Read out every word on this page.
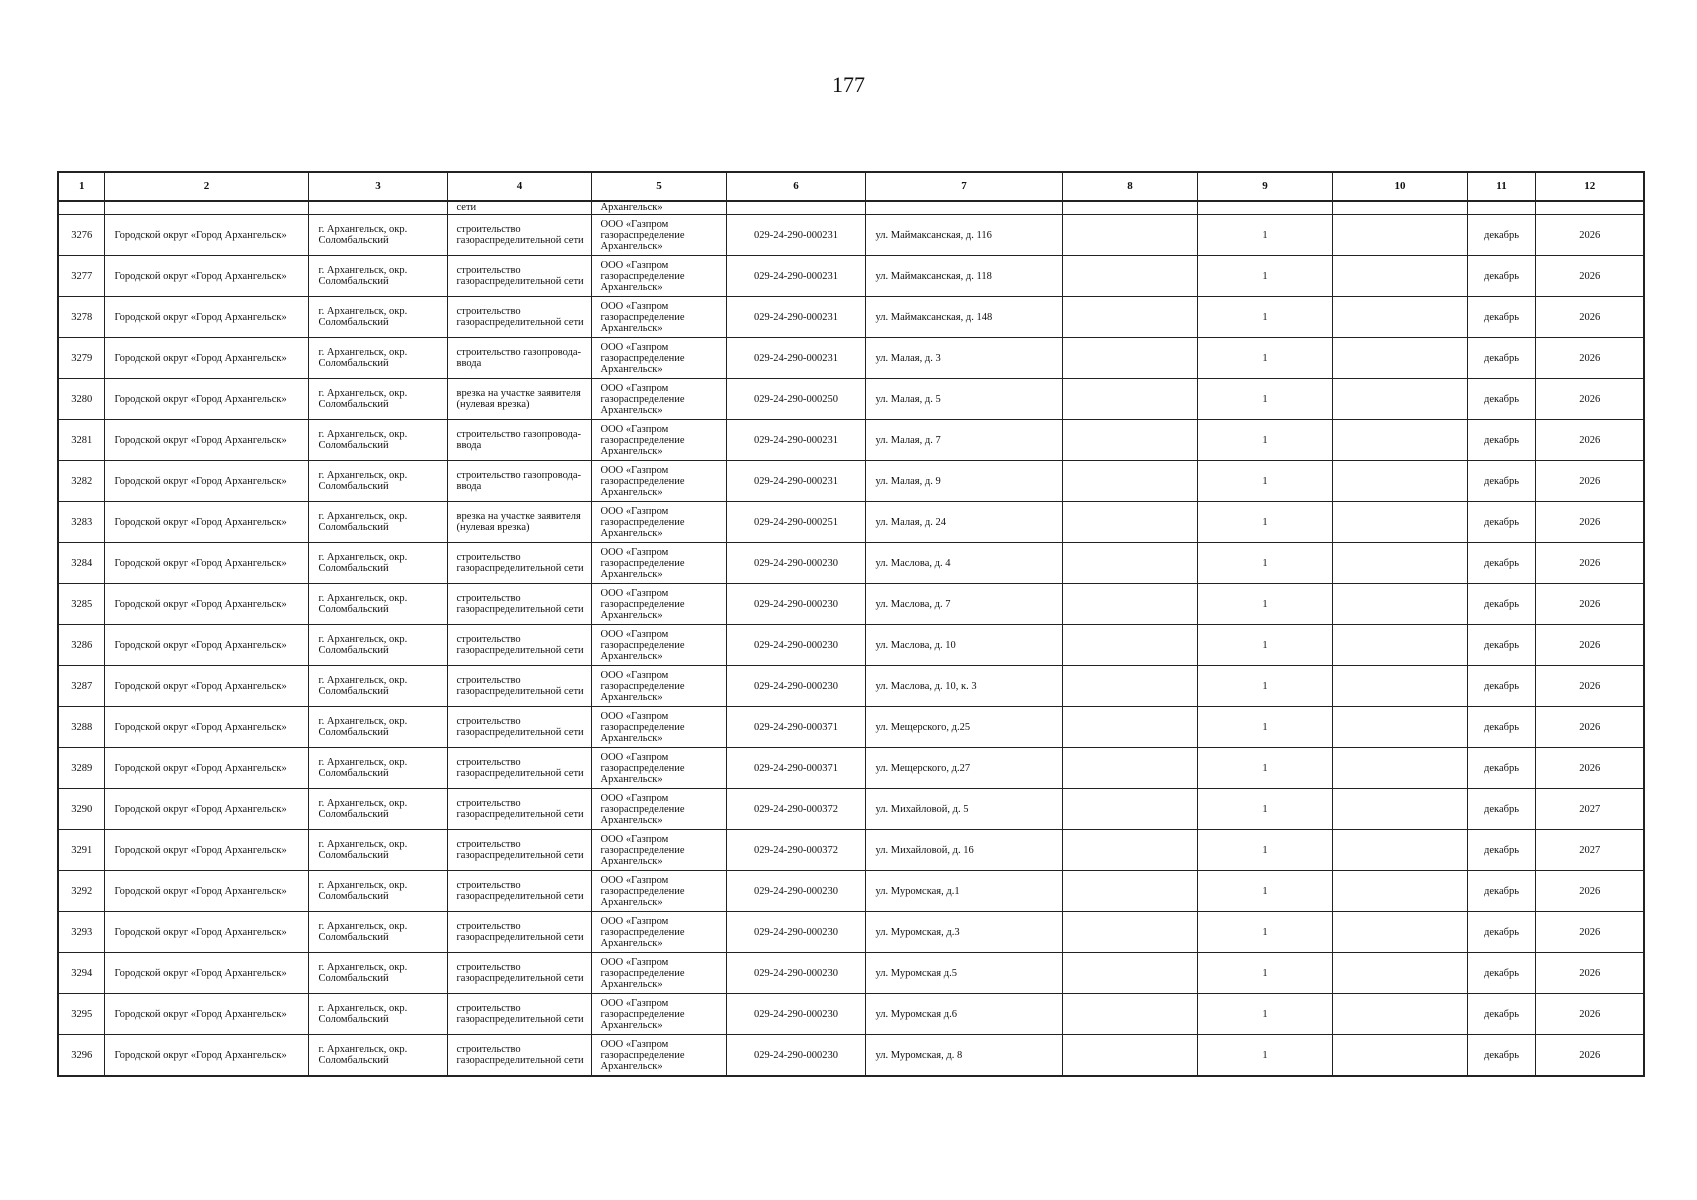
177
1	2	3	4	5	6	7	8	9	10	11	12
			сети	Архангельск»							
3276	Городской округ «Город Архангельск»	г. Архангельск, окр. Соломбальский	строительство газораспределительной сети	ООО «Газпром газораспределение Архангельск»	029-24-290-000231	ул. Маймаксанская, д. 116		1		декабрь	2026
3277	Городской округ «Город Архангельск»	г. Архангельск, окр. Соломбальский	строительство газораспределительной сети	ООО «Газпром газораспределение Архангельск»	029-24-290-000231	ул. Маймаксанская, д. 118		1		декабрь	2026
3278	Городской округ «Город Архангельск»	г. Архангельск, окр. Соломбальский	строительство газораспределительной сети	ООО «Газпром газораспределение Архангельск»	029-24-290-000231	ул. Маймаксанская, д. 148		1		декабрь	2026
3279	Городской округ «Город Архангельск»	г. Архангельск, окр. Соломбальский	строительство газопровода-ввода	ООО «Газпром газораспределение Архангельск»	029-24-290-000231	ул. Малая, д. 3		1		декабрь	2026
3280	Городской округ «Город Архангельск»	г. Архангельск, окр. Соломбальский	врезка на участке заявителя (нулевая врезка)	ООО «Газпром газораспределение Архангельск»	029-24-290-000250	ул. Малая, д. 5		1		декабрь	2026
3281	Городской округ «Город Архангельск»	г. Архангельск, окр. Соломбальский	строительство газопровода-ввода	ООО «Газпром газораспределение Архангельск»	029-24-290-000231	ул. Малая, д. 7		1		декабрь	2026
3282	Городской округ «Город Архангельск»	г. Архангельск, окр. Соломбальский	строительство газопровода-ввода	ООО «Газпром газораспределение Архангельск»	029-24-290-000231	ул. Малая, д. 9		1		декабрь	2026
3283	Городской округ «Город Архангельск»	г. Архангельск, окр. Соломбальский	врезка на участке заявителя (нулевая врезка)	ООО «Газпром газораспределение Архангельск»	029-24-290-000251	ул. Малая, д. 24		1		декабрь	2026
3284	Городской округ «Город Архангельск»	г. Архангельск, окр. Соломбальский	строительство газораспределительной сети	ООО «Газпром газораспределение Архангельск»	029-24-290-000230	ул. Маслова, д. 4		1		декабрь	2026
3285	Городской округ «Город Архангельск»	г. Архангельск, окр. Соломбальский	строительство газораспределительной сети	ООО «Газпром газораспределение Архангельск»	029-24-290-000230	ул. Маслова, д. 7		1		декабрь	2026
3286	Городской округ «Город Архангельск»	г. Архангельск, окр. Соломбальский	строительство газораспределительной сети	ООО «Газпром газораспределение Архангельск»	029-24-290-000230	ул. Маслова, д. 10		1		декабрь	2026
3287	Городской округ «Город Архангельск»	г. Архангельск, окр. Соломбальский	строительство газораспределительной сети	ООО «Газпром газораспределение Архангельск»	029-24-290-000230	ул. Маслова, д. 10, к. 3		1		декабрь	2026
3288	Городской округ «Город Архангельск»	г. Архангельск, окр. Соломбальский	строительство газораспределительной сети	ООО «Газпром газораспределение Архангельск»	029-24-290-000371	ул. Мещерского, д.25		1		декабрь	2026
3289	Городской округ «Город Архангельск»	г. Архангельск, окр. Соломбальский	строительство газораспределительной сети	ООО «Газпром газораспределение Архангельск»	029-24-290-000371	ул. Мещерского, д.27		1		декабрь	2026
3290	Городской округ «Город Архангельск»	г. Архангельск, окр. Соломбальский	строительство газораспределительной сети	ООО «Газпром газораспределение Архангельск»	029-24-290-000372	ул. Михайловой, д. 5		1		декабрь	2027
3291	Городской округ «Город Архангельск»	г. Архангельск, окр. Соломбальский	строительство газораспределительной сети	ООО «Газпром газораспределение Архангельск»	029-24-290-000372	ул. Михайловой, д. 16		1		декабрь	2027
3292	Городской округ «Город Архангельск»	г. Архангельск, окр. Соломбальский	строительство газораспределительной сети	ООО «Газпром газораспределение Архангельск»	029-24-290-000230	ул. Муромская, д.1		1		декабрь	2026
3293	Городской округ «Город Архангельск»	г. Архангельск, окр. Соломбальский	строительство газораспределительной сети	ООО «Газпром газораспределение Архангельск»	029-24-290-000230	ул. Муромская, д.3		1		декабрь	2026
3294	Городской округ «Город Архангельск»	г. Архангельск, окр. Соломбальский	строительство газораспределительной сети	ООО «Газпром газораспределение Архангельск»	029-24-290-000230	ул. Муромская д.5		1		декабрь	2026
3295	Городской округ «Город Архангельск»	г. Архангельск, окр. Соломбальский	строительство газораспределительной сети	ООО «Газпром газораспределение Архангельск»	029-24-290-000230	ул. Муромская д.6		1		декабрь	2026
3296	Городской округ «Город Архангельск»	г. Архангельск, окр. Соломбальский	строительство газораспределительной сети	ООО «Газпром газораспределение Архангельск»	029-24-290-000230	ул. Муромская, д. 8		1		декабрь	2026
